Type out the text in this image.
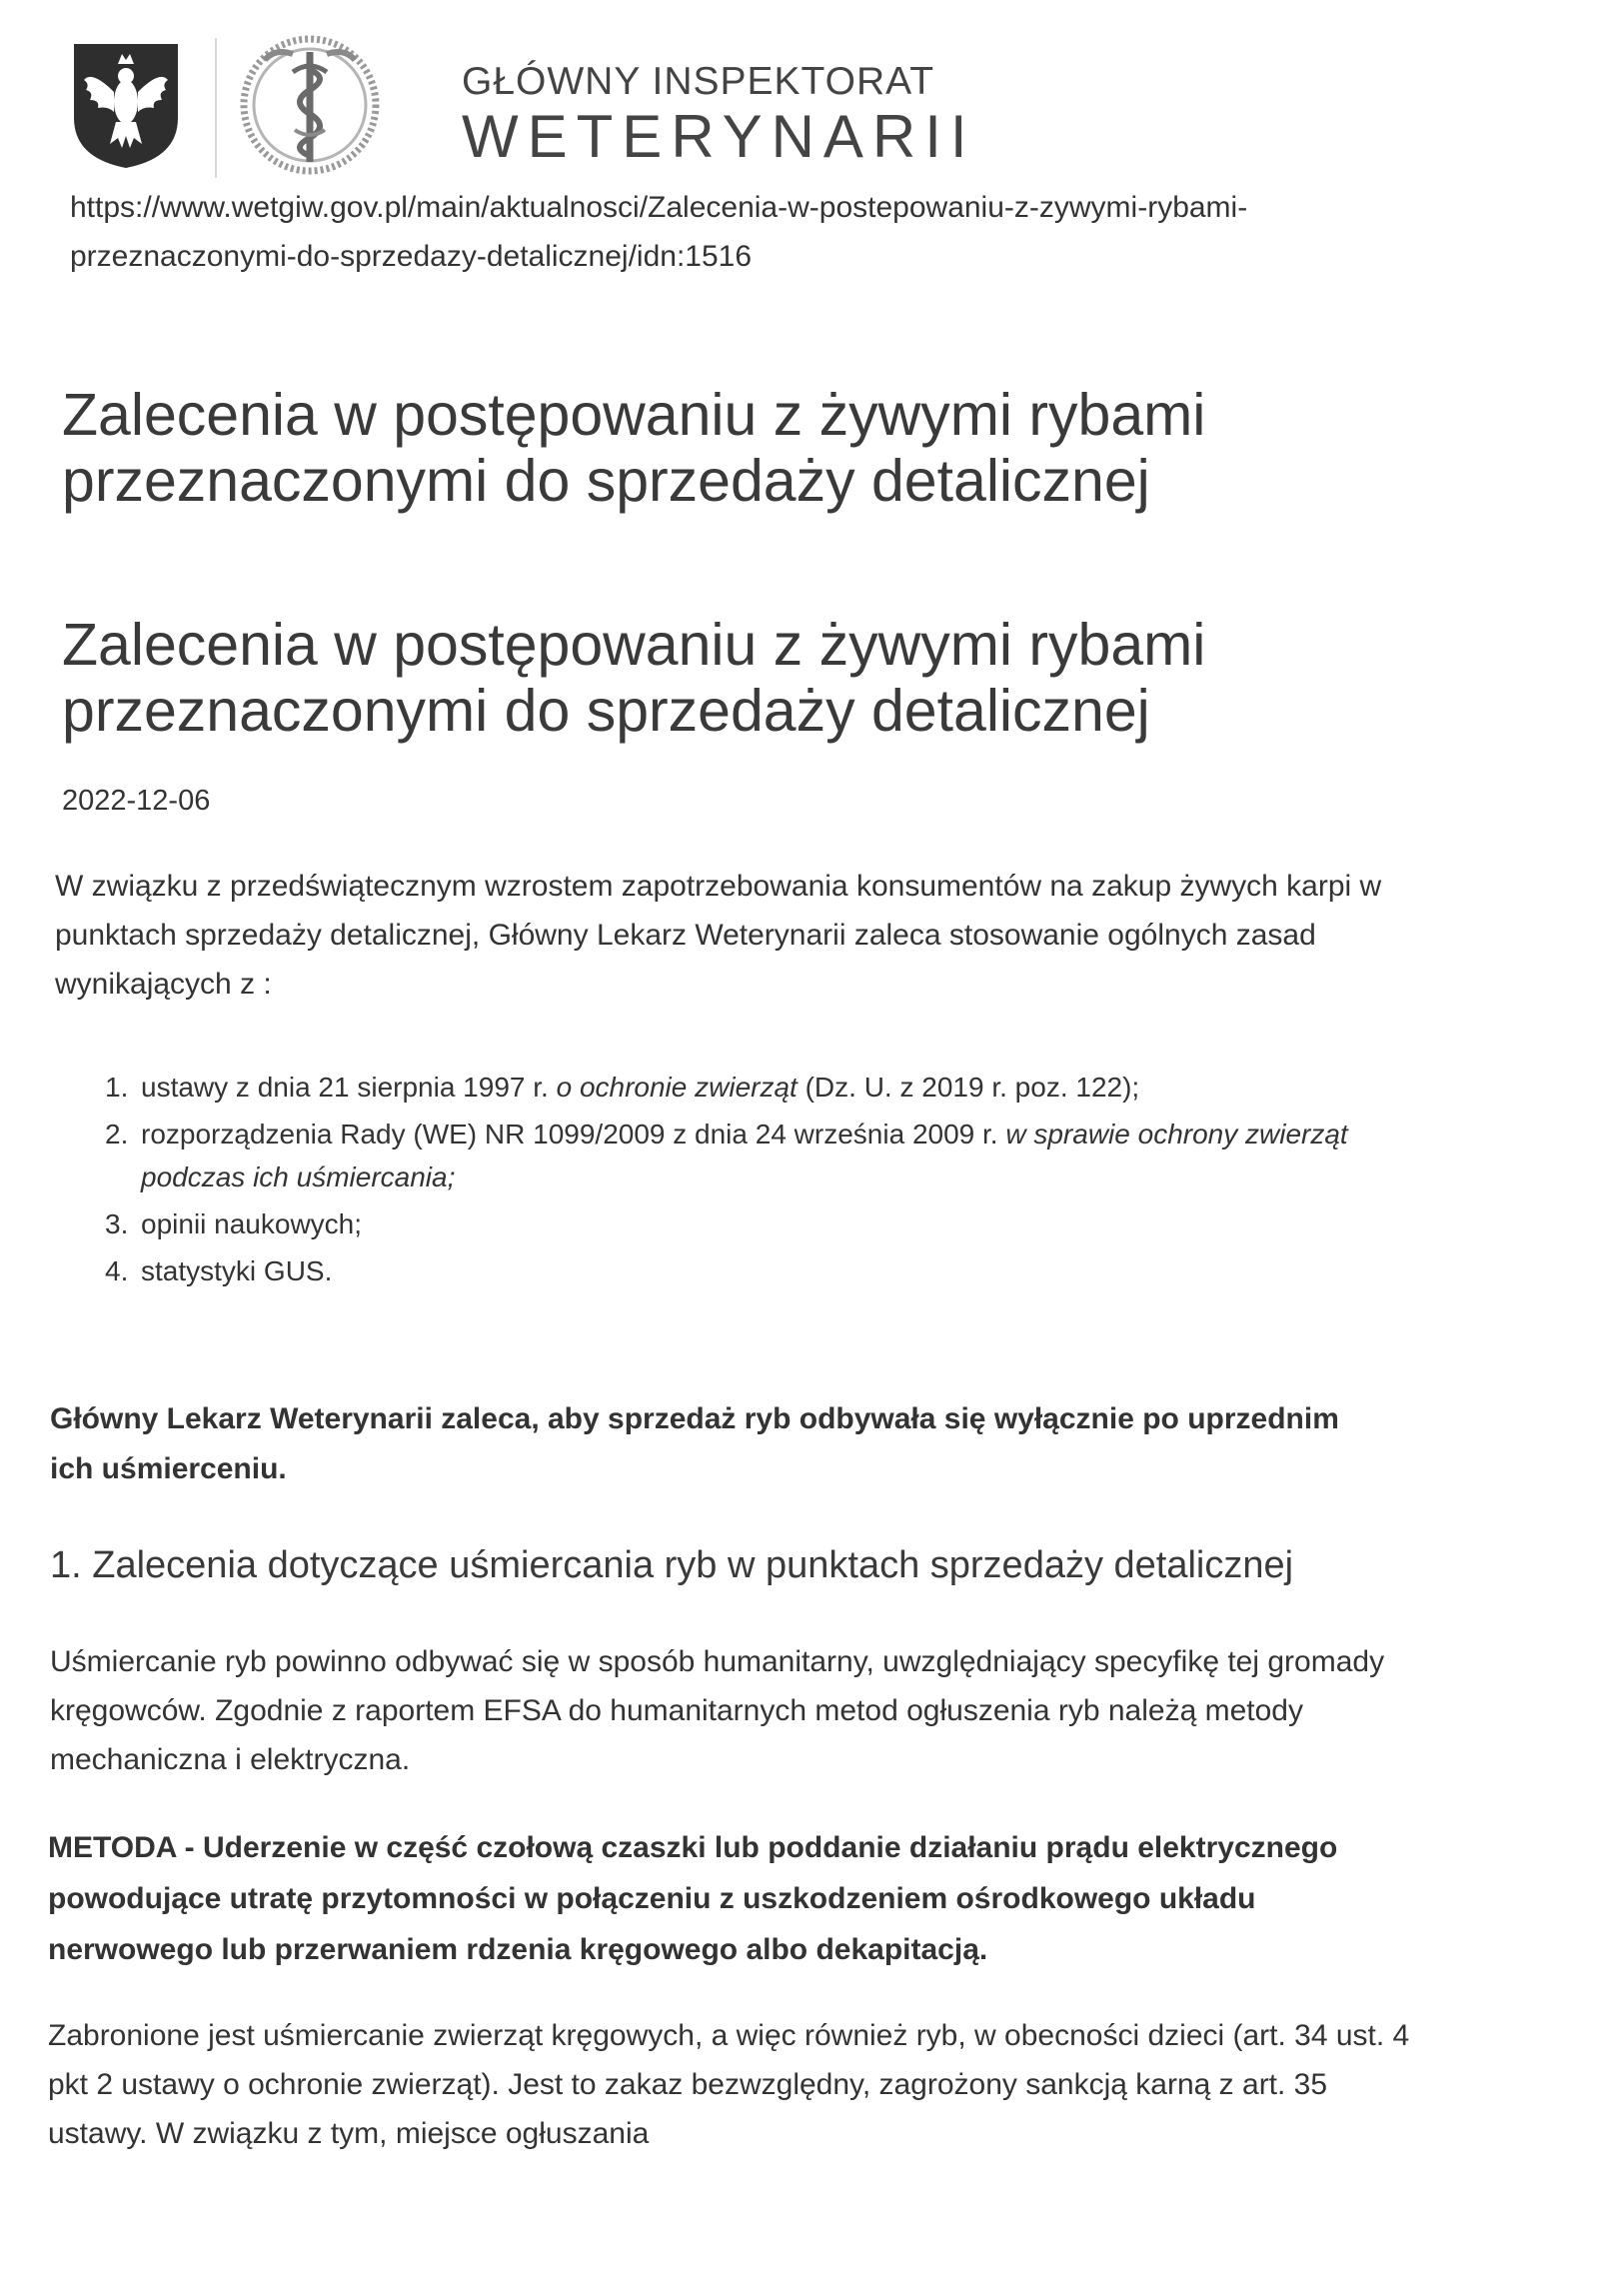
GŁÓWNY INSPEKTORAT
WETERYNARII
https://www.wetgiw.gov.pl/main/aktualnosci/Zalecenia-w-postepowaniu-z-zywymi-rybami-
przeznaczonymi-do-sprzedazy-detalicznej/idn:1516
Zalecenia w postępowaniu z żywymi rybami
przeznaczonymi do sprzedaży detalicznej
Zalecenia w postępowaniu z żywymi rybami
przeznaczonymi do sprzedaży detalicznej
2022-12-06
W związku z przedświątecznym wzrostem zapotrzebowania konsumentów na zakup żywych karpi w
punktach sprzedaży detalicznej, Główny Lekarz Weterynarii zaleca stosowanie ogólnych zasad
wynikających z :
1. ustawy z dnia 21 sierpnia 1997 r. o ochronie zwierząt (Dz. U. z 2019 r. poz. 122);
2. rozporządzenia Rady (WE) NR 1099/2009 z dnia 24 września 2009 r. w sprawie ochrony zwierząt
podczas ich uśmiercania;
3. opinii naukowych;
4. statystyki GUS.
Główny Lekarz Weterynarii zaleca, aby sprzedaż ryb odbywała się wyłącznie po uprzednim
ich uśmierceniu.
1. Zalecenia dotyczące uśmiercania ryb w punktach sprzedaży detalicznej
Uśmiercanie ryb powinno odbywać się w sposób humanitarny, uwzględniający specyfikę tej gromady
kręgowców. Zgodnie z raportem EFSA do humanitarnych metod ogłuszenia ryb należą metody
mechaniczna i elektryczna.
METODA - Uderzenie w część czołową czaszki lub poddanie działaniu prądu elektrycznego
powodujące utratę przytomności w połączeniu z uszkodzeniem ośrodkowego układu
nerwowego lub przerwaniem rdzenia kręgowego albo dekapitacją.
Zabronione jest uśmiercanie zwierząt kręgowych, a więc również ryb, w obecności dzieci (art. 34 ust. 4
pkt 2 ustawy o ochronie zwierząt). Jest to zakaz bezwzględny, zagrożony sankcją karną z art. 35
ustawy. W związku z tym, miejsce ogłuszania
